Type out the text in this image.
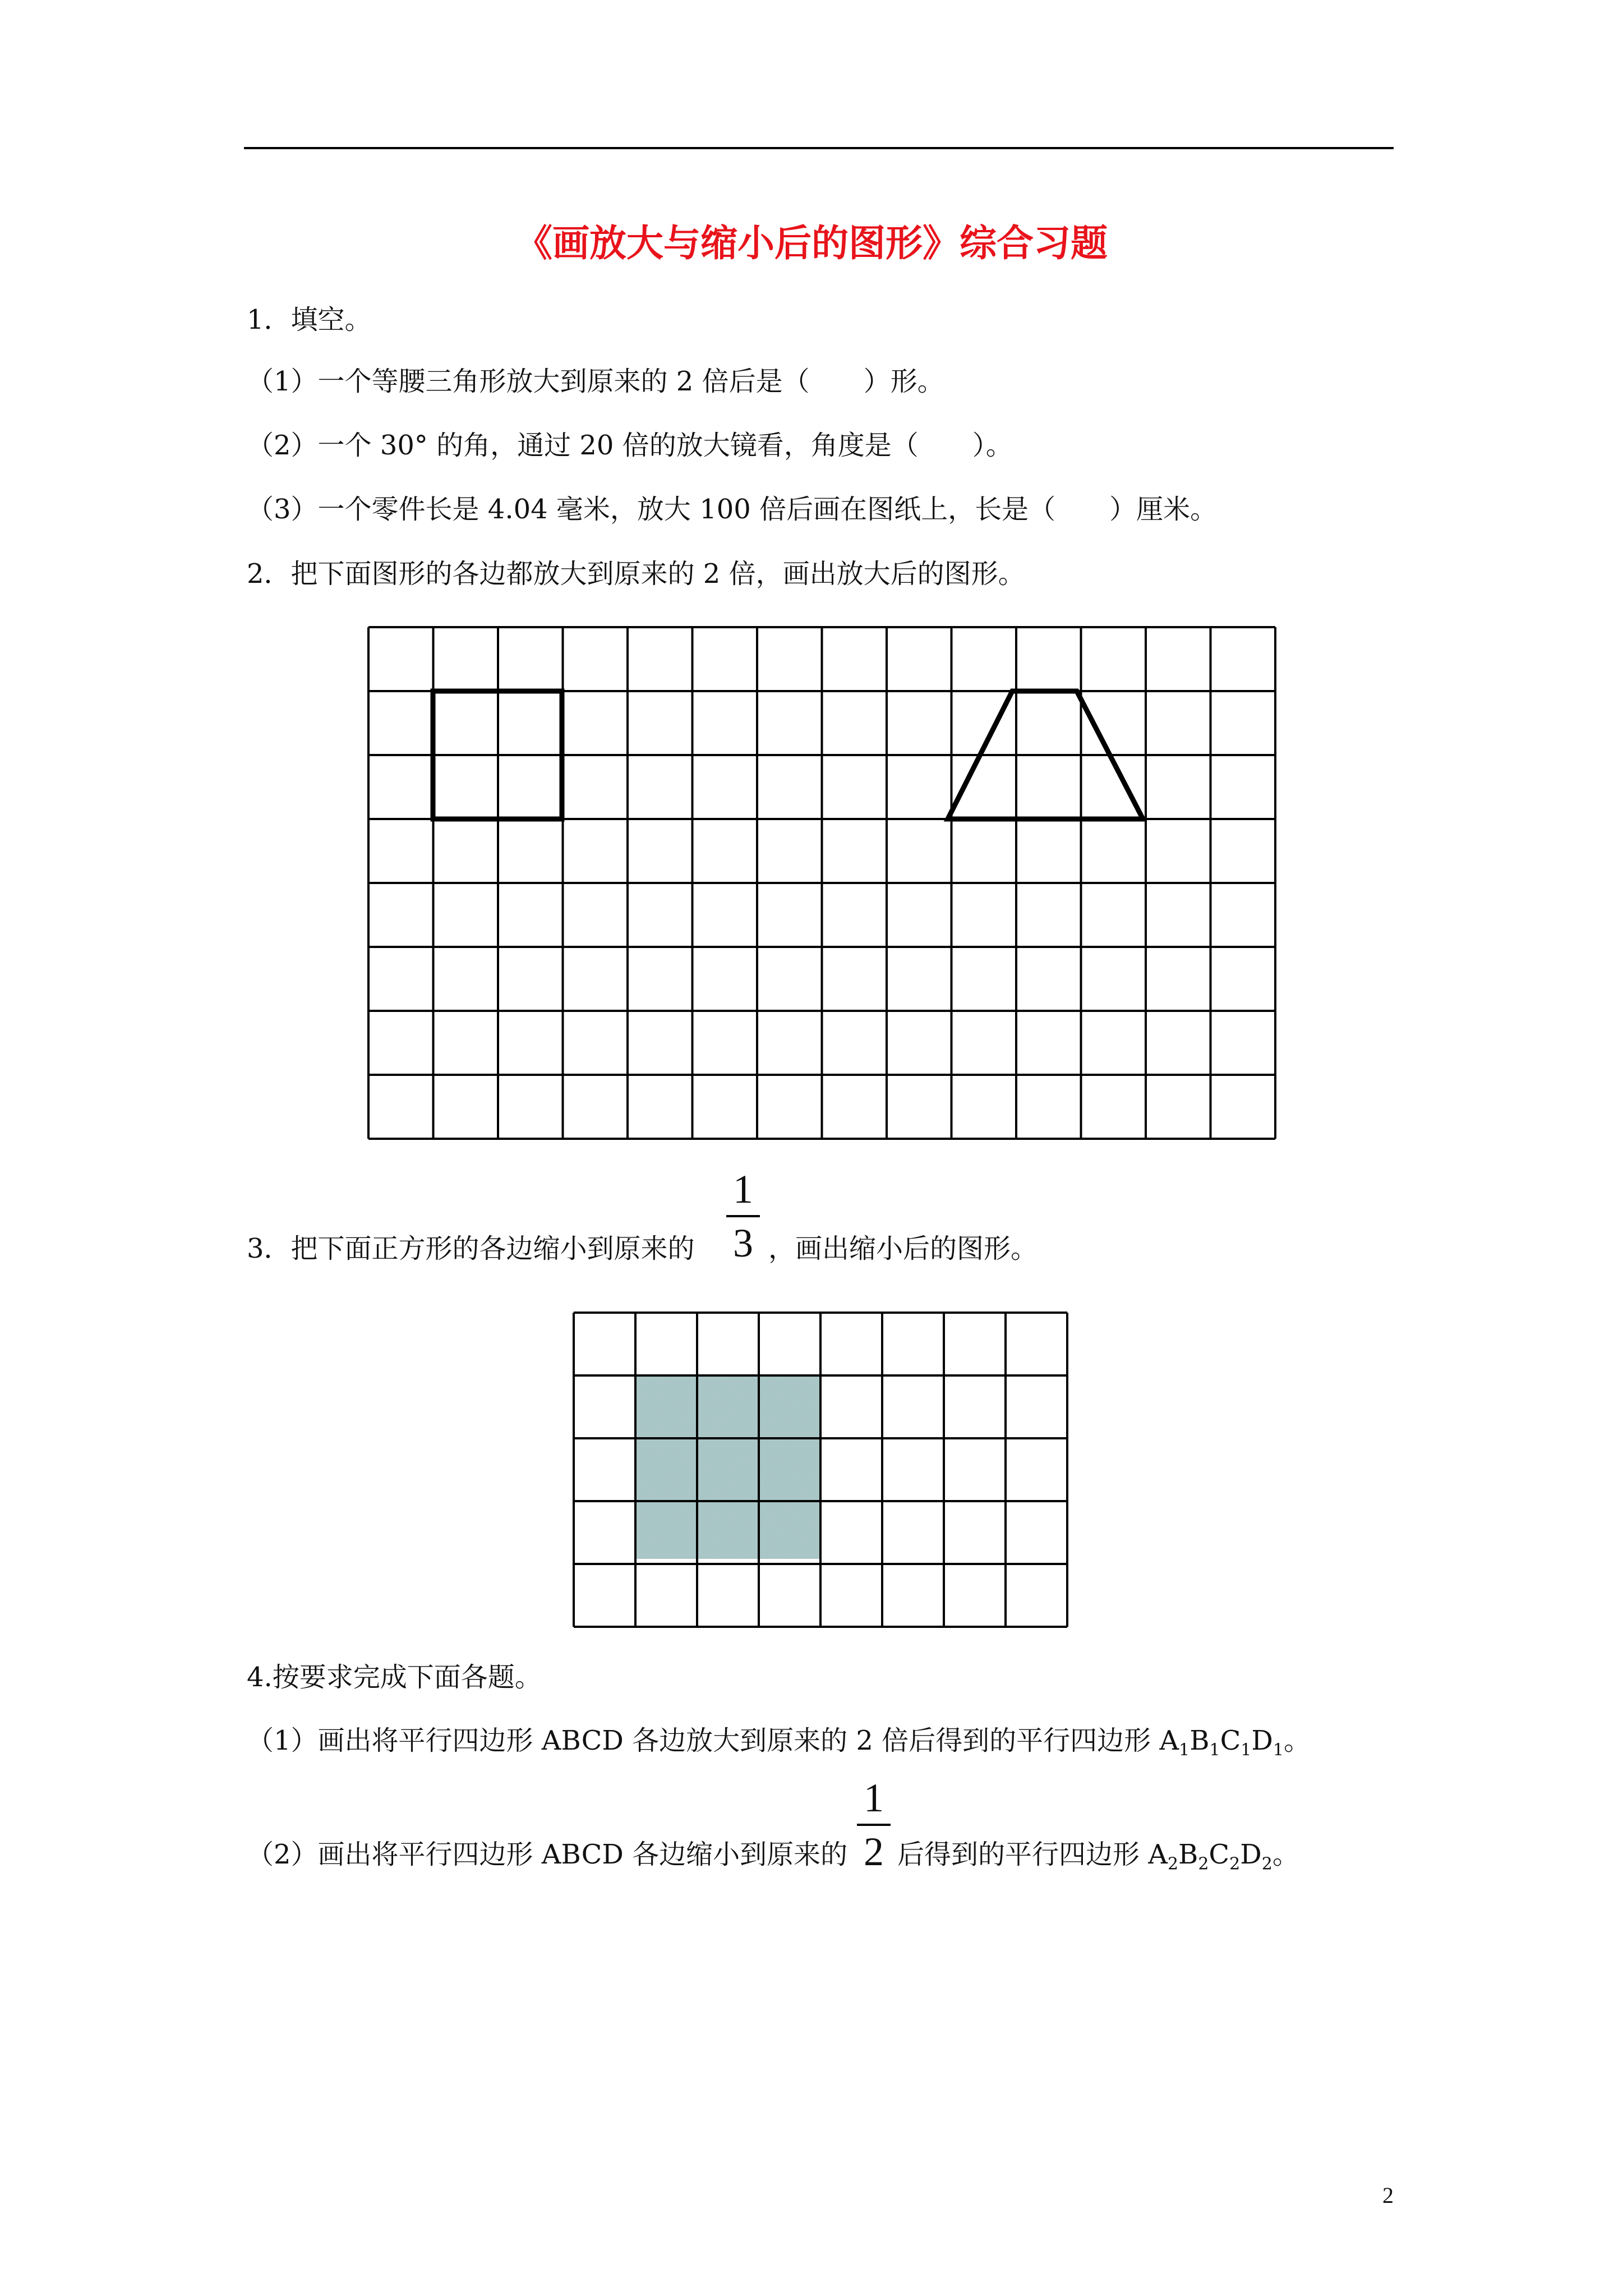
《画放大与缩小后的图形》综合习题
1．填空。
（1）一个等腰三角形放大到原来的 2 倍后是（　　）形。
（2）一个 30° 的角，通过 20 倍的放大镜看，角度是（　　）。
（3）一个零件长是 4.04 毫米，放大 100 倍后画在图纸上，长是（　　）厘米。
2．把下面图形的各边都放大到原来的 2 倍，画出放大后的图形。
3．把下面正方形的各边缩小到原来的
1
3 ，画出缩小后的图形。
4.按要求完成下面各题。
（1）画出将平行四边形 ABCD 各边放大到原来的 2 倍后得到的平行四边形 $A_1B_1C_1D_1$。
（2）画出将平行四边形 ABCD 各边缩小到原来的
1
2 后得到的平行四边形 $A_2B_2C_2D_2$。
2
